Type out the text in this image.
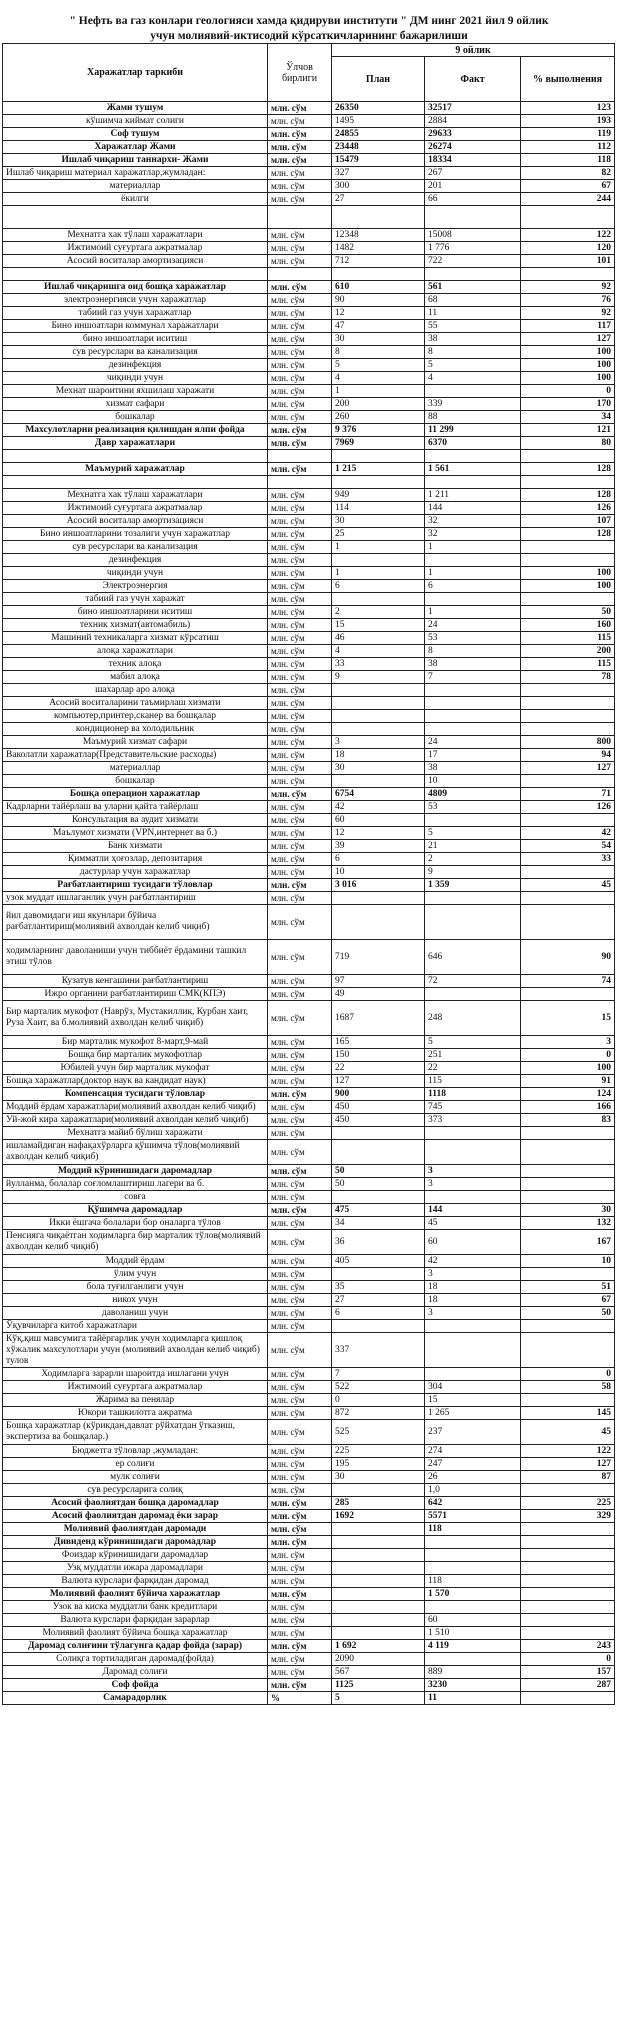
" Нефть ва газ конлари геологияси хамда қидируви институти " ДМ нинг 2021 йил 9 ойлик
учун молиявий-иктисодий кўрсаткичларининг бажарилиши
Харажатлар таркиби	Ўлчов бирлиги	9 ойлик		
		План	Факт	% выполнения
Жами тушум	млн. сўм	26350	32517	123
кўшимча киймат солиги	млн. сўм	1495	2884	193
Соф тушум	млн. сўм	24855	29633	119
Харажатлар Жами	млн. сўм	23448	26274	112
Ишлаб чиқариш таннархи- Жами	млн. сўм	15479	18334	118
Ишлаб чиқариш материал харажатлар,жумладан:	млн. сўм	327	267	82
материаллар	млн. сўм	300	201	67
ёкилги	млн. сўм	27	66	244

Мехнатга хак тўлаш харажатлари	млн. сўм	12348	15008	122
Ижтимоий суғуртага ажратмалар	млн. сўм	1482	1 776	120
Асосий воситалар амортизацияси	млн. сўм	712	722	101

Ишлаб чиқаришга оид бошқа харажатлар	млн. сўм	610	561	92
электроэнергияси учун харажатлар	млн. сўм	90	68	76
табиий газ учун харажатлар	млн. сўм	12	11	92
Бино иншоатлари коммунал харажатлари	млн. сўм	47	55	117
бино иншоатлари иситиш	млн. сўм	30	38	127
сув ресурслари ва канализация	млн. сўм	8	8	100
дезинфекция	млн. сўм	5	5	100
чиқинди учун	млн. сўм	4	4	100
Мехнат шароитини яхшилаш харажати	млн. сўм	1		0
хизмат сафари	млн. сўм	200	339	170
бошкалар	млн. сўм	260	88	34
Махсулотларни реализация қилишдан ялпи фойда	млн. сўм	9 376	11 299	121
Давр харажатлари	млн. сўм	7969	6370	80

Маъмурий харажатлар	млн. сўм	1 215	1 561	128

Мехнатга хак тўлаш харажатлари	млн. сўм	949	1 211	128
Ижтимоий суғуртага ажратмалар	млн. сўм	114	144	126
Асосий воситалар амортизацияси	млн. сўм	30	32	107
Бино иншоатларини тозалиги учун харажатлар	млн. сўм	25	32	128
сув ресурслари ва канализация	млн. сўм	1	1	
дезинфекция	млн. сўм			
чиқинди учун	млн. сўм	1	1	100
Электроэнергия	млн. сўм	6	6	100
табиий газ учун харажат	млн. сўм			
бино иншоатларини иситиш	млн. сўм	2	1	50
техник хизмат(автомабиль)	млн. сўм	15	24	160
Машиний техникаларга хизмат кўрсатиш	млн. сўм	46	53	115
алоқа харажатлари	млн. сўм	4	8	200
техник алоқа	млн. сўм	33	38	115
мабил алоқа	млн. сўм	9	7	78
шахарлар аро алоқа	млн. сўм			
Асосий воситаларини таъмирлаш хизмати	млн. сўм			
компьютер,принтер,сканер ва бошқалар	млн. сўм			
кондиционер ва холодильник	млн. сўм			
Маъмурий хизмат сафари	млн. сўм	3	24	800
Ваколатли харажатлар(Представительские расходы)	млн. сўм	18	17	94
материаллар	млн. сўм	30	38	127
бошкалар	млн. сўм		10	
Бошқа операцион харажатлар	млн. сўм	6754	4809	71
Кадрларни тайёрлаш ва уларни қайта тайёрлаш	млн. сўм	42	53	126
Консультация ва аудит хизмати	млн. сўм	60		
Маълумот хизмати (VPN,интернет ва б.)	млн. сўм	12	5	42
Банк хизмати	млн. сўм	39	21	54
Қимматли ҳоғозлар, депозитария	млн. сўм	6	2	33
дастурлар учун харажатлар	млн. сўм	10	9	
Рағбатлантириш тусидаги тўловлар	млн. сўм	3 016	1 359	45
узок муддат ишлаганлик учун рағбатлантириш	млн. сўм			
йил давомидаги иш якунлари бўйича рағбатлантириш(молиявий ахволдан келиб чиқиб)	млн. сўм			
ходимларнинг даволаниши учун тиббиёт ёрдамини ташкил этиш тўлов	млн. сўм	719	646	90
Кузатув кенгашини рағбатлантириш	млн. сўм	97	72	74
Ижро органини рағбатлантириш СМК(КПЭ)	млн. сўм	49		
Бир марталик мукофот (Наврўз, Мустакиллик, Курбан хаит, Руза Хаит, ва б.молиявий ахволдан келиб чиқиб)	млн. сўм	1687	248	15
Бир марталик мукофот 8-март,9-май	млн. сўм	165	5	3
Бошқа бир марталик мукофотлар	млн. сўм	150	251	0
Юбилей учун бир марталик мукофат	млн. сўм	22	22	100
Бошқа харажатлар(доктор наук ва кандидат наук)	млн. сўм	127	115	91
Компенсация тусидаги тўловлар	млн. сўм	900	1118	124
Моддий ёрдам харажатлари(молиявий ахволдан келиб чиқиб)	млн. сўм	450	745	166
Уй-жой кира харажатлари(молиявий ахволдан келиб чиқиб)	млн. сўм	450	373	83
Мехнатга майиб бўлиш харажати	млн. сўм			
ишламайдиган нафақахўрларга қўшимча тўлов(молиявий ахволдан келиб чиқиб)	млн. сўм			
Моддий кўринишидаги даромадлар	млн. сўм	50	3	
йулланма, болалар соғломлаштириш лагери ва б.	млн. сўм	50	3	
совға	млн. сўм			
Қўшимча даромадлар	млн. сўм	475	144	30
Икки ёшгача болалари бор оналарга тўлов	млн. сўм	34	45	132
Пенсияга чиқаётган ходимларга бир марталик тўлов(молиявий ахволдан келиб чиқиб)	млн. сўм	36	60	167
Моддий ёрдам	млн. сўм	405	42	10
ўлим учун	млн. сўм		3	
бола туғилганлиги учун	млн. сўм	35	18	51
никох учун	млн. сўм	27	18	67
даволаниш учун	млн. сўм	6	3	50
Ўқувчиларга китоб харажатлари	млн. сўм			
Кўқ,қиш мавсумига тайёргарлик учун ходимларга қишлоқ хўжалик махсулотлари учун (молиявий ахволдан келиб чиқиб) тулов	млн. сўм	337		
Ходимларга зарарли шароитда ишлагани учун	млн. сўм	7		0
Ижтимоий суғуртага ажратмалар	млн. сўм	522	304	58
Жарима ва пенялар	млн. сўм	0	15	
Юкори ташкилотга ажратма	млн. сўм	872	1 265	145
Бошқа харажатлар (кўрикдан,давлат рўйхатдан ўтказиш, экспертиза ва бошқалар.)	млн. сўм	525	237	45
Бюджетга тўловлар ,жумладан:	млн. сўм	225	274	122
ер солиғи	млн. сўм	195	247	127
мулк солиғи	млн. сўм	30	26	87
сув ресурсларига солиқ	млн. сўм		1,0	
Асосий фаолиятдан бошқа даромадлар	млн. сўм	285	642	225
Асосий фаолиятдан даромад ёки зарар	млн. сўм	1692	5571	329
Молиявий фаолиятдан даромади	млн. сўм		118	
Дивиденд кўринишидаги даромадлар	млн. сўм			
Фоиздар кўринишидаги даромадлар	млн. сўм			
Узқ муддатли ижара даромадлари	млн. сўм			
Валюта курслари фарқидан даромад	млн. сўм		118	
Молиявий фаолият бўйича харажатлар	млн. сўм		1 570	
Узок ва киска муддатли банк кредитлари	млн. сўм			
Валюта курслари фарқидан зарарлар	млн. сўм		60	
Молиявий фаолият бўйича бошқа харажатлар	млн. сўм		1 510	
Даромад солиғини тўлагунга қадар фойда (зарар)	млн. сўм	1 692	4 119	243
Солиқга тортиладиган даромад(фойда)	млн. сўм	2090		0
Даромад солиғи	млн. сўм	567	889	157
Соф фойда	млн. сўм	1125	3230	287
Самарадорлик	%	5	11	
